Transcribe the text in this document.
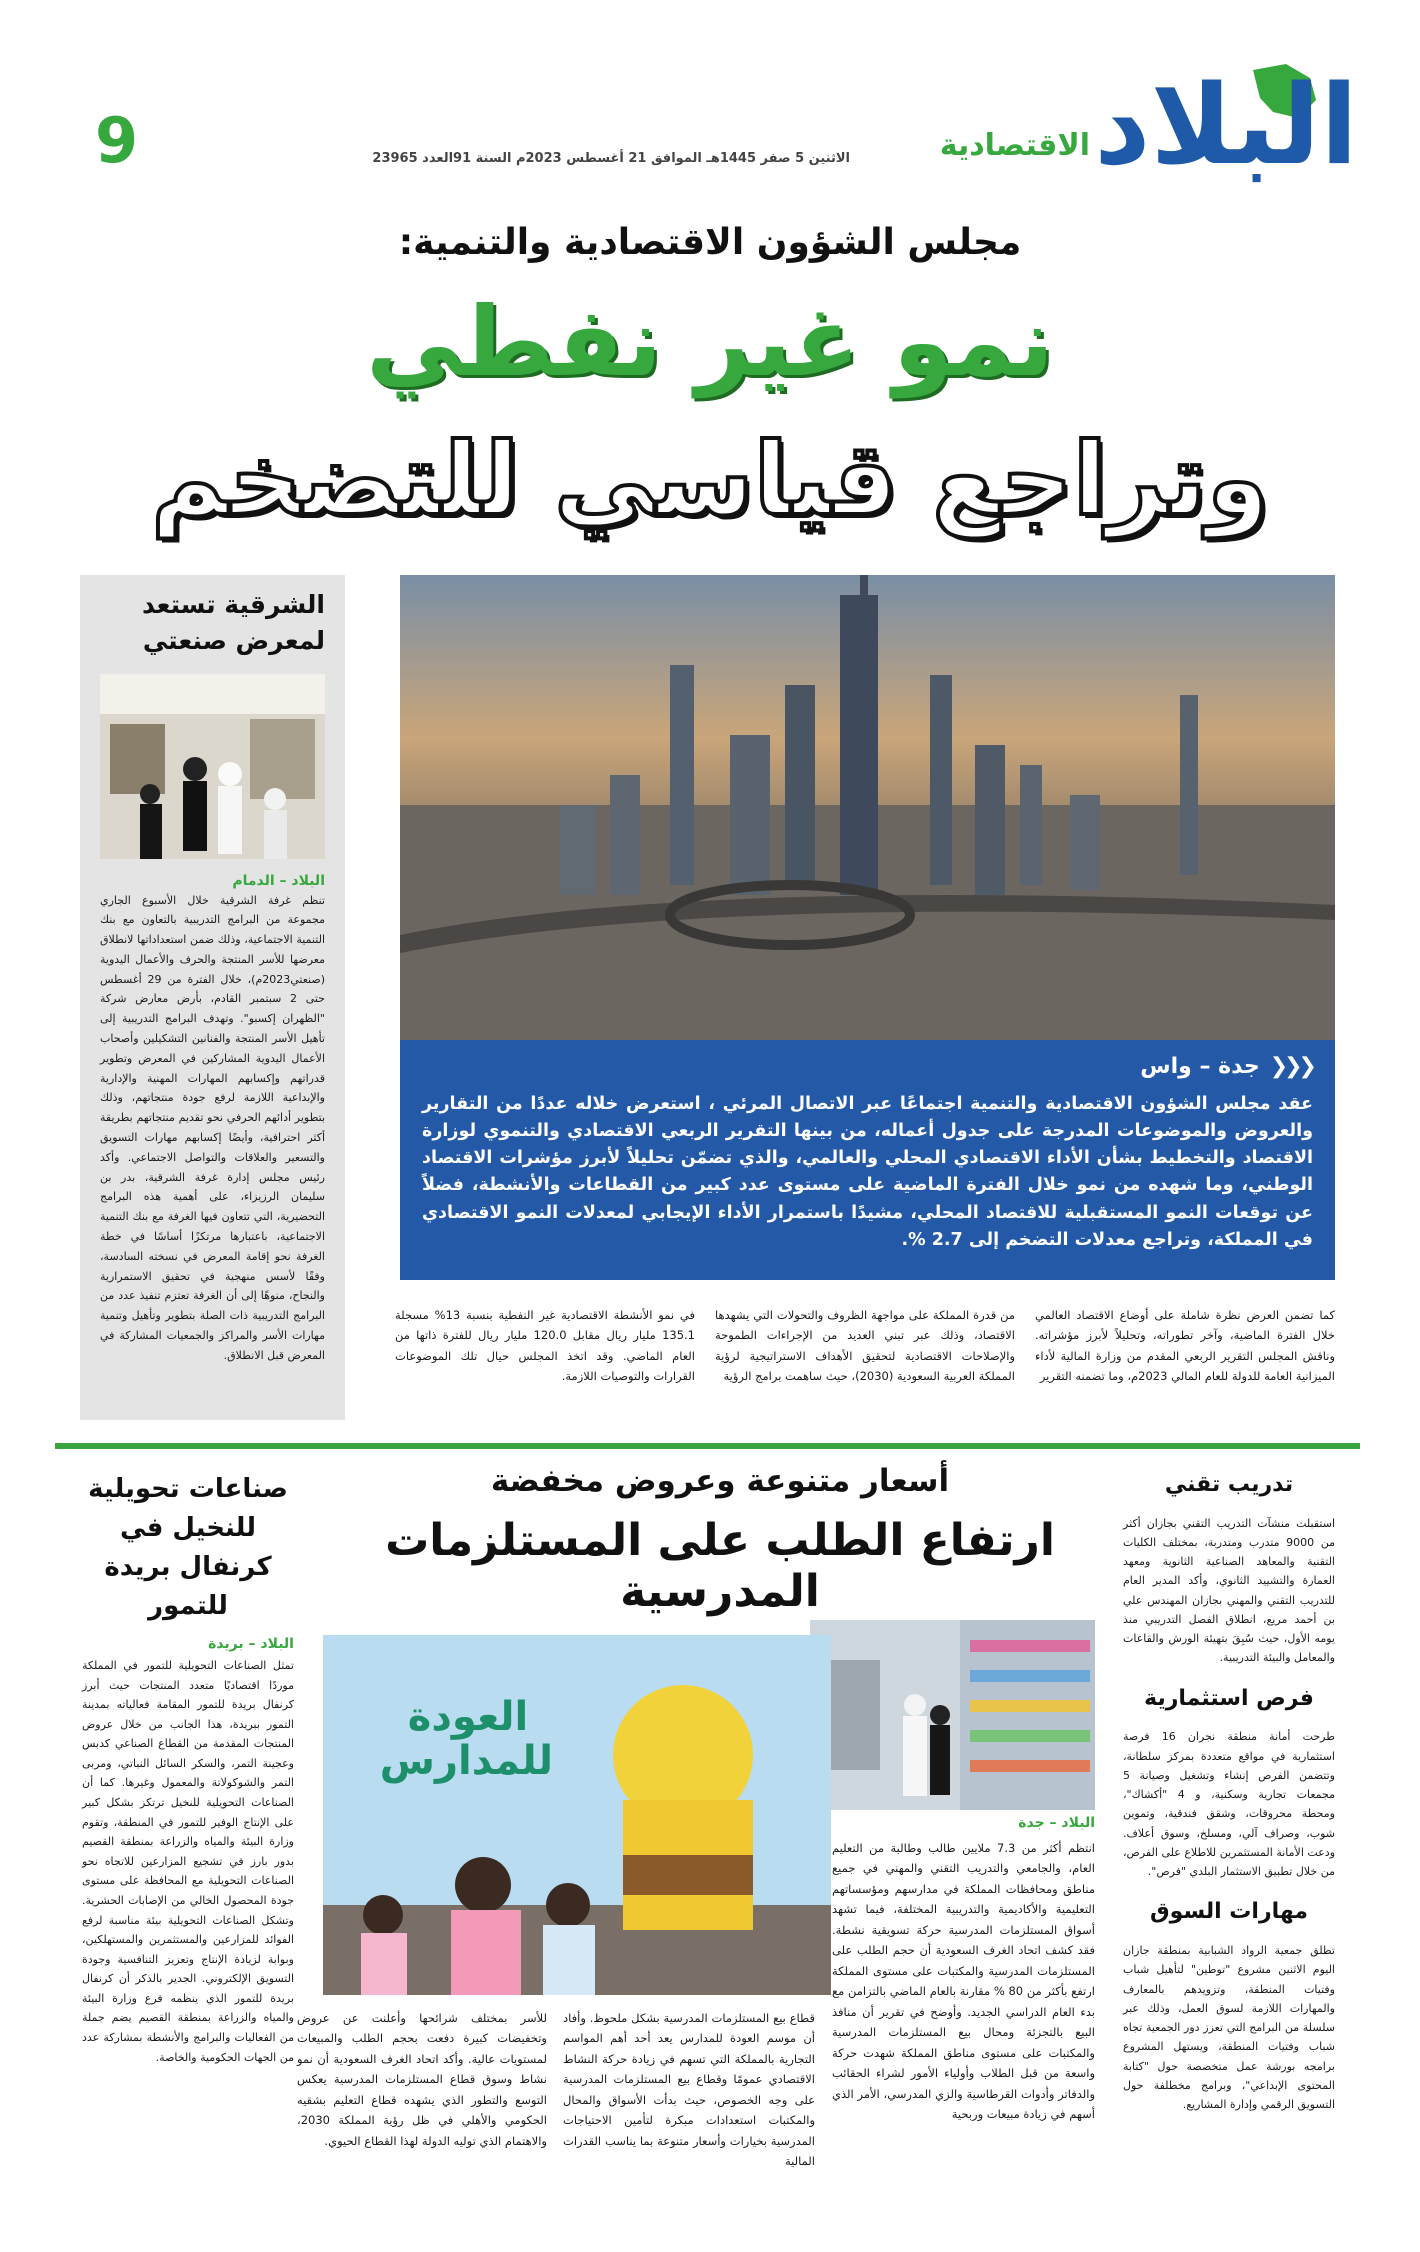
البلاد
الاقتصادية
الاثنين 5 صفر 1445هـ الموافق 21 أغسطس 2023م السنة 91العدد 23965
9
مجلس الشؤون الاقتصادية والتنمية:
نمو غير نفطي
وتراجع قياسي للتضخم
❮❮❮
جدة – واس
عقد مجلس الشؤون الاقتصادية والتنمية اجتماعًا عبر الاتصال المرئي ، استعرض خلاله عددًا من التقارير والعروض والموضوعات المدرجة على جدول أعماله، من بينها التقرير الربعي الاقتصادي والتنموي لوزارة الاقتصاد والتخطيط بشأن الأداء الاقتصادي المحلي والعالمي، والذي تضمّن تحليلاً لأبرز مؤشرات الاقتصاد الوطني، وما شهده من نمو خلال الفترة الماضية على مستوى عدد كبير من القطاعات والأنشطة، فضلاً عن توقعات النمو المستقبلية للاقتصاد المحلي، مشيدًا باستمرار الأداء الإيجابي لمعدلات النمو الاقتصادي في المملكة، وتراجع معدلات التضخم إلى 2.7 %.
كما تضمن العرض نظرة شاملة على أوضاع الاقتصاد العالمي خلال الفترة الماضية، وآخر تطوراته، وتحليلاً لأبرز مؤشراته. وناقش المجلس التقرير الربعي المقدم من وزارة المالية لأداء الميزانية العامة للدولة للعام المالي 2023م، وما تضمنه التقرير
من قدرة المملكة على مواجهة الظروف والتحولات التي يشهدها الاقتصاد، وذلك عبر تبني العديد من الإجراءات الطموحة والإصلاحات الاقتصادية لتحقيق الأهداف الاستراتيجية لرؤية المملكة العربية السعودية (2030)، حيث ساهمت برامج الرؤية
في نمو الأنشطة الاقتصادية غير النفطية بنسبة 13% مسجلة 135.1 مليار ريال مقابل 120.0 مليار ريال للفترة ذاتها من العام الماضي. وقد اتخذ المجلس حيال تلك الموضوعات القرارات والتوصيات اللازمة.
الشرقية تستعد لمعرض صنعتي
البلاد – الدمام
تنظم غرفة الشرقية خلال الأسبوع الجاري مجموعة من البرامج التدريبية بالتعاون مع بنك التنمية الاجتماعية، وذلك ضمن استعداداتها لانطلاق معرضها للأسر المنتجة والحرف والأعمال اليدوية (صنعتي2023م)، خلال الفترة من 29 أغسطس حتى 2 سبتمبر القادم، بأرض معارض شركة "الظهران إكسبو". وتهدف البرامج التدريبية إلى تأهيل الأسر المنتجة والفنانين التشكيلين وأصحاب الأعمال اليدوية المشاركين في المعرض وتطوير قدراتهم وإكسابهم المهارات المهنية والإدارية والإبداعية اللازمة لرفع جودة منتجاتهم، وذلك بتطوير أدائهم الحرفي نحو تقديم منتجاتهم بطريقة أكثر احترافية، وأيضًا إكسابهم مهارات التسويق والتسعير والعلاقات والتواصل الاجتماعي. وأكد رئيس مجلس إدارة غرفة الشرقية، بدر بن سليمان الرزيزاء، على أهمية هذه البرامج التحضيرية، التي تتعاون فيها الغرفة مع بنك التنمية الاجتماعية، باعتبارها مرتكزًا أساسًا في خطة الغرفة نحو إقامة المعرض في نسخته السادسة، وفقًا لأسس منهجية في تحقيق الاستمرارية والنجاح، منوهًا إلى أن الغرفة تعتزم تنفيذ عدد من البرامج التدريبية ذات الصلة بتطوير وتأهيل وتنمية مهارات الأسر والمراكز والجمعيات المشاركة في المعرض قبل الانطلاق.
أسعار متنوعة وعروض مخفضة
ارتفاع الطلب على المستلزمات المدرسية
العودة للمدارس
البلاد – جدة
انتظم أكثر من 7.3 ملايين طالب وطالبة من التعليم العام، والجامعي والتدريب التقني والمهني في جميع مناطق ومحافظات المملكة في مدارسهم ومؤسساتهم التعليمية والأكاديمية والتدريبية المختلفة، فيما تشهد أسواق المستلزمات المدرسية حركة تسويقية نشطة. فقد كشف اتحاد الغرف السعودية أن حجم الطلب على المستلزمات المدرسية والمكتبات على مستوى المملكة ارتفع بأكثر من 80 % مقارنة بالعام الماضي بالتزامن مع بدء العام الدراسي الجديد. وأوضح في تقرير أن منافذ البيع بالتجزئة ومحال بيع المستلزمات المدرسية والمكتبات على مستوى مناطق المملكة شهدت حركة واسعة من قبل الطلاب وأولياء الأمور لشراء الحقائب والدفاتر وأدوات القرطاسية والزي المدرسي، الأمر الذي أسهم في زيادة مبيعات وربحية
قطاع بيع المستلزمات المدرسية بشكل ملحوظ. وأفاد أن موسم العودة للمدارس يعد أحد أهم المواسم التجارية بالمملكة التي تسهم في زيادة حركة النشاط الاقتصادي عمومًا وقطاع بيع المستلزمات المدرسية على وجه الخصوص، حيث بدأت الأسواق والمحال والمكتبات استعدادات مبكرة لتأمين الاحتياجات المدرسية بخيارات وأسعار متنوعة بما يناسب القدرات المالية
للأسر بمختلف شرائحها وأعلنت عن عروض وتخفيضات كبيرة دفعت بحجم الطلب والمبيعات لمستويات عالية. وأكد اتحاد الغرف السعودية أن نمو نشاط وسوق قطاع المستلزمات المدرسية يعكس التوسع والتطور الذي يشهده قطاع التعليم بشقيه الحكومي والأهلي في ظل رؤية المملكة 2030، والاهتمام الذي توليه الدولة لهذا القطاع الحيوي.
تدريب تقني
استقبلت منشآت التدريب التقني بجازان أكثر من 9000 متدرب ومتدربة، بمختلف الكليات التقنية والمعاهد الصناعية الثانوية ومعهد العمارة والتشييد الثانوي، وأكد المدير العام للتدريب التقني والمهني بجازان المهندس علي بن أحمد مريع، انطلاق الفصل التدريبي منذ يومه الأول، حيث سُبِقَ بتهيئة الورش والقاعات والمعامل والبيئة التدريبية.
فرص استثمارية
طرحت أمانة منطقة نجران 16 فرصة استثمارية في مواقع متعددة بمركز سلطانة، وتتضمن الفرص إنشاء وتشغيل وصيانة 5 مجمعات تجارية وسكنية، و 4 "أكشاك"، ومحطة محروقات، وشقق فندقية، وتموين شوب، وصراف آلي، ومسلخ، وسوق أعلاف. ودعت الأمانة المستثمرين للاطلاع على الفرص، من خلال تطبيق الاستثمار البلدي "فرص".
مهارات السوق
تطلق جمعية الرواد الشبابية بمنطقة جازان اليوم الاثنين مشروع "توطين" لتأهيل شباب وفتيات المنطقة، وتزويدهم بالمعارف والمهارات اللازمة لسوق العمل، وذلك عبر سلسلة من البرامج التي تعزز دور الجمعية تجاه شباب وفتيات المنطقة، ويستهل المشروع برامجه بورشة عمل متخصصة حول "كتابة المحتوى الإبداعي"، وبرامج مخطلفة حول التسويق الرقمي وإدارة المشاريع.
صناعات تحويلية للنخيل في كرنفال بريدة للتمور
البلاد – بريدة
تمثل الصناعات التحويلية للتمور في المملكة موردًا اقتصاديًا متعدد المنتجات حيث أبرز كرنفال بريدة للتمور المقامة فعالياته بمدينة التمور ببريدة، هذا الجانب من خلال عروض المنتجات المقدمة من القطاع الصناعي كدبس وعجينة التمر، والسكر السائل النباتي، ومربى التمر والشوكولاتة والمعمول وغيرها. كما أن الصناعات التحويلية للنخيل ترتكز بشكل كبير على الإنتاج الوفير للتمور في المنطقة، وتقوم وزارة البيئة والمياه والزراعة بمنطقة القصيم بدور بارز في تشجيع المزارعين للاتجاه نحو الصناعات التحويلية مع المحافظة على مستوى جودة المحصول الخالي من الإصابات الحشرية. وتشكل الصناعات التحويلية بيئة مناسبة لرفع الفوائد للمزارعين والمستثمرين والمستهلكين، وبوابة لزيادة الإنتاج وتعزيز التنافسية وجودة التسويق الإلكتروني. الجدير بالذكر أن كرنفال بريدة للتمور الذي ينظمه فرع وزارة البيئة والمياه والزراعة بمنطقة القصيم يضم جملة من الفعاليات والبرامج والأنشطة بمشاركة عدد من الجهات الحكومية والخاصة.
